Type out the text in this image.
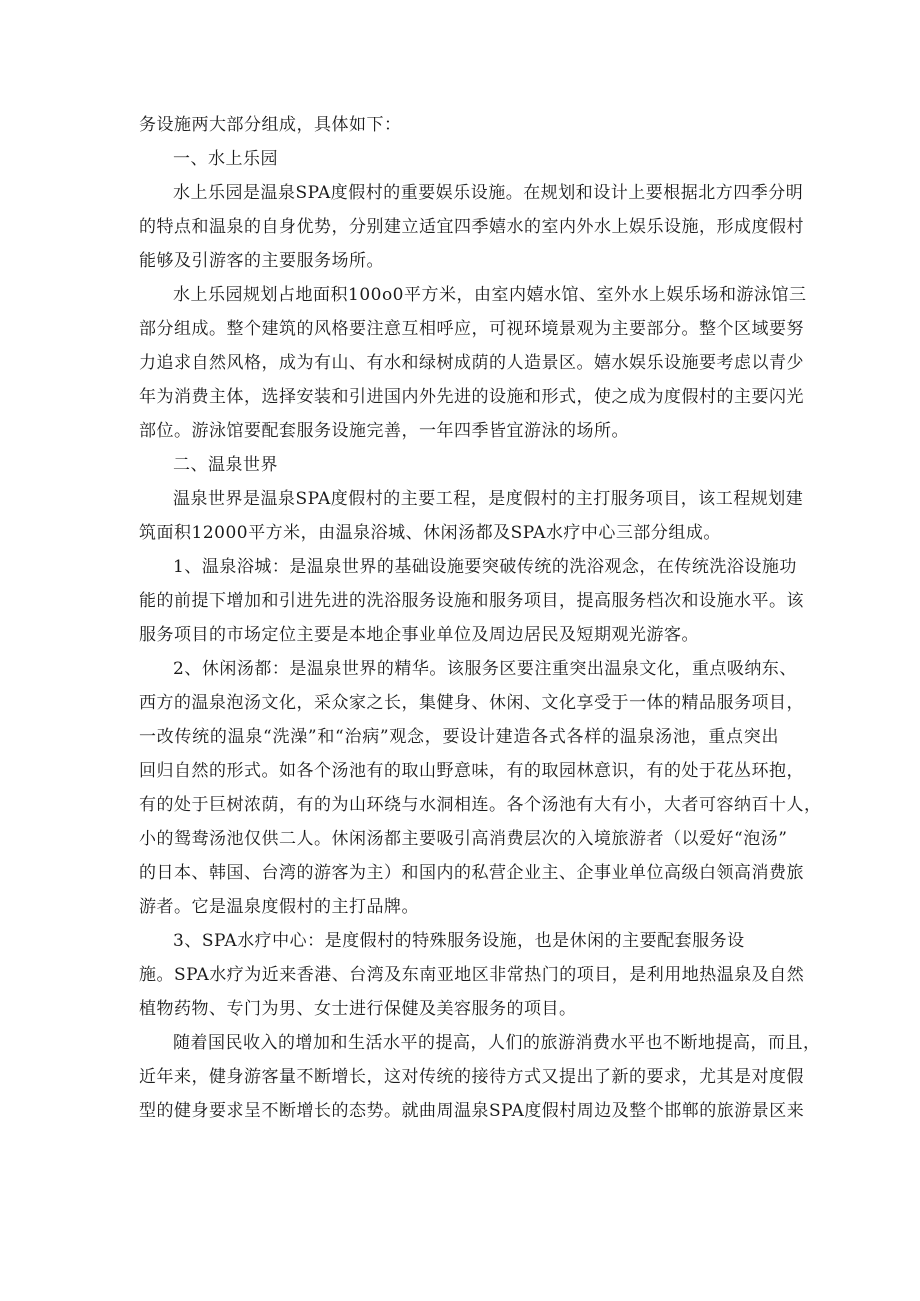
务设施两大部分组成，具体如下：
一、水上乐园
水上乐园是温泉SPA度假村的重要娱乐设施。在规划和设计上要根据北方四季分明
的特点和温泉的自身优势，分别建立适宜四季嬉水的室内外水上娱乐设施，形成度假村
能够及引游客的主要服务场所。
水上乐园规划占地面积100o0平方米，由室内嬉水馆、室外水上娱乐场和游泳馆三
部分组成。整个建筑的风格要注意互相呼应，可视环境景观为主要部分。整个区域要努
力追求自然风格，成为有山、有水和绿树成荫的人造景区。嬉水娱乐设施要考虑以青少
年为消费主体，选择安装和引进国内外先进的设施和形式，使之成为度假村的主要闪光
部位。游泳馆要配套服务设施完善，一年四季皆宜游泳的场所。
二、温泉世界
温泉世界是温泉SPA度假村的主要工程，是度假村的主打服务项目，该工程规划建
筑面积12000平方米，由温泉浴城、休闲汤都及SPA水疗中心三部分组成。
1、温泉浴城：是温泉世界的基础设施要突破传统的洗浴观念，在传统洗浴设施功
能的前提下增加和引进先进的洗浴服务设施和服务项目，提高服务档次和设施水平。该
服务项目的市场定位主要是本地企事业单位及周边居民及短期观光游客。
2、休闲汤都：是温泉世界的精华。该服务区要注重突出温泉文化，重点吸纳东、
西方的温泉泡汤文化，采众家之长，集健身、休闲、文化享受于一体的精品服务项目，
一改传统的温泉“洗澡”和“治病”观念，要设计建造各式各样的温泉汤池，重点突出
回归自然的形式。如各个汤池有的取山野意味，有的取园林意识，有的处于花丛环抱，
有的处于巨树浓荫，有的为山环绕与水洞相连。各个汤池有大有小，大者可容纳百十人，
小的鸳鸯汤池仅供二人。休闲汤都主要吸引高消费层次的入境旅游者（以爱好“泡汤”
的日本、韩国、台湾的游客为主）和国内的私营企业主、企事业单位高级白领高消费旅
游者。它是温泉度假村的主打品牌。
3、SPA水疗中心：是度假村的特殊服务设施，也是休闲的主要配套服务设
施。SPA水疗为近来香港、台湾及东南亚地区非常热门的项目，是利用地热温泉及自然
植物药物、专门为男、女士进行保健及美容服务的项目。
随着国民收入的增加和生活水平的提高，人们的旅游消费水平也不断地提高，而且，
近年来，健身游客量不断增长，这对传统的接待方式又提出了新的要求，尤其是对度假
型的健身要求呈不断增长的态势。就曲周温泉SPA度假村周边及整个邯郸的旅游景区来
